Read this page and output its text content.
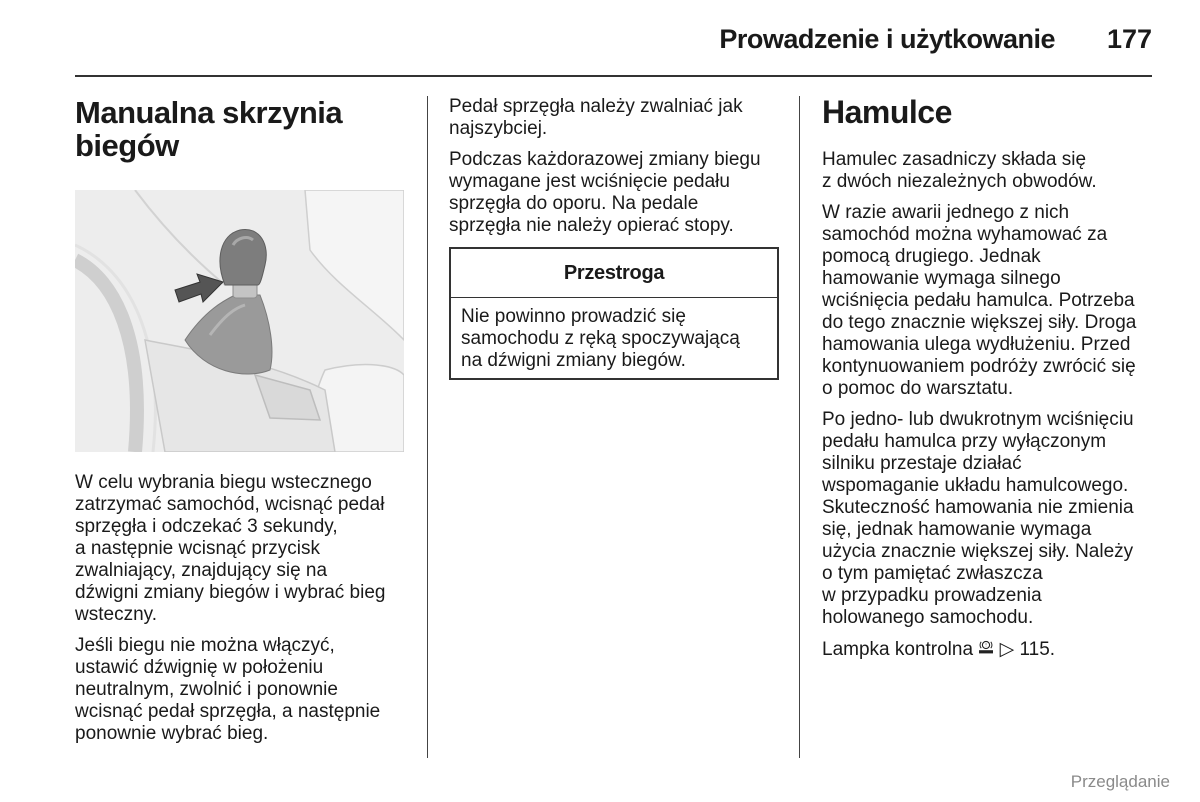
Prowadzenie i użytkowanie	177
Manualna skrzynia
biegów

W celu wybrania biegu wstecznego
zatrzymać samochód, wcisnąć pedał
sprzęgła i odczekać 3 sekundy,
a następnie wcisnąć przycisk
zwalniający, znajdujący się na
dźwigni zmiany biegów i wybrać bieg
wsteczny.

Jeśli biegu nie można włączyć,
ustawić dźwignię w położeniu
neutralnym, zwolnić i ponownie
wcisnąć pedał sprzęgła, a następnie
ponownie wybrać bieg.

Pedał sprzęgła należy zwalniać jak
najszybciej.

Podczas każdorazowej zmiany biegu
wymagane jest wciśnięcie pedału
sprzęgła do oporu. Na pedale
sprzęgła nie należy opierać stopy.

Przestroga

Nie powinno prowadzić się
samochodu z ręką spoczywającą
na dźwigni zmiany biegów.

Hamulce

Hamulec zasadniczy składa się
z dwóch niezależnych obwodów.

W razie awarii jednego z nich
samochód można wyhamować za
pomocą drugiego. Jednak
hamowanie wymaga silnego
wciśnięcia pedału hamulca. Potrzeba
do tego znacznie większej siły. Droga
hamowania ulega wydłużeniu. Przed
kontynuowaniem podróży zwrócić się
o pomoc do warsztatu.

Po jedno- lub dwukrotnym wciśnięciu
pedału hamulca przy wyłączonym
silniku przestaje działać
wspomaganie układu hamulcowego.
Skuteczność hamowania nie zmienia
się, jednak hamowanie wymaga
użycia znacznie większej siły. Należy
o tym pamiętać zwłaszcza
w przypadku prowadzenia
holowanego samochodu.

Lampka kontrolna	! ▷ 115.

Przeglądanie
